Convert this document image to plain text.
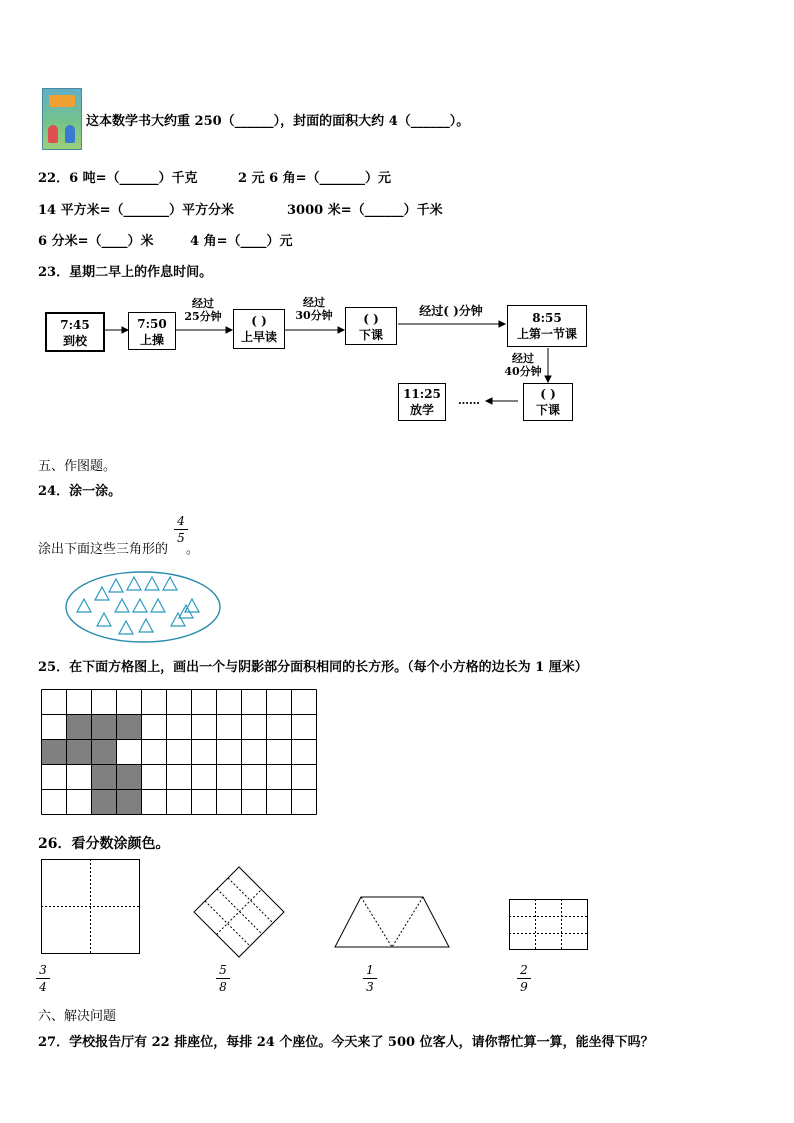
这本数学书大约重 250（______），封面的面积大约 4（______）。
22．6 吨=（______）千克	2 元 6 角=（_______）元
14 平方米=（_______）平方分米	3000 米=（______）千米
6 分米=（____）米	4 角=（____）元
23．星期二早上的作息时间。
7:45
到校
7:50
上操
( )
上早读
( )
下课
8:55
上第一节课
( )
下课
11:25
放学
经过
25分钟
经过
30分钟	经过( )分钟
经过
40分钟
……
五、作图题。
24．涂一涂。
涂出下面这些三角形的
4
5
。
25．在下面方格图上，画出一个与阴影部分面积相同的长方形。（每个小方格的边长为 1 厘米）
26．看分数涂颜色。
3
4
5
8
1
3
2
9
六、解决问题
27．学校报告厅有 22 排座位，每排 24 个座位。今天来了 500 位客人，请你帮忙算一算，能坐得下吗？
